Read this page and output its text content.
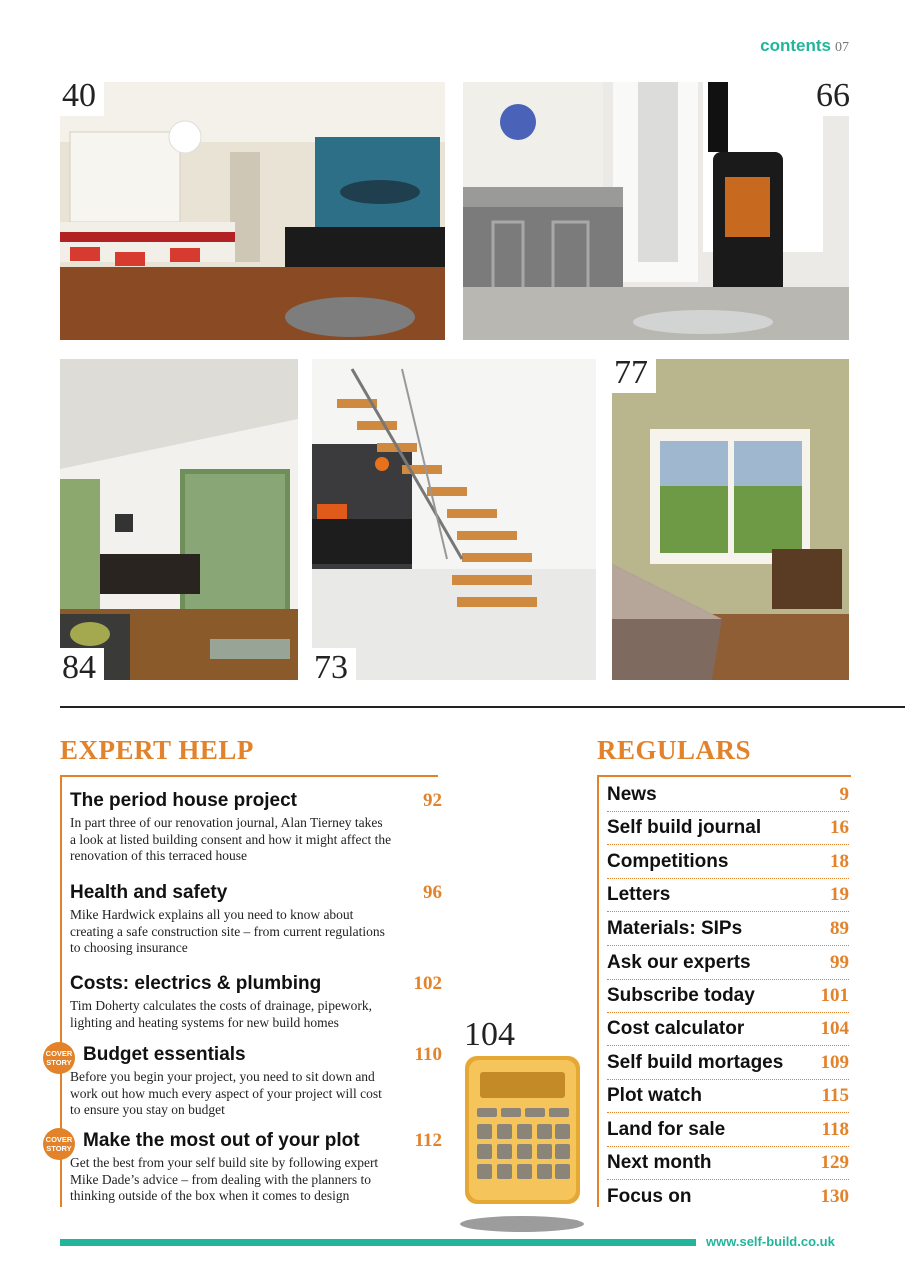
contents 07
40	66
84	73
77
EXPERT HELP
The period house project	92
In part three of our renovation journal, Alan Tierney takes
a look at listed building consent and how it might affect the
renovation of this terraced house
Health and safety	96
Mike Hardwick explains all you need to know about
creating a safe construction site – from current regulations
to choosing insurance
Costs: electrics & plumbing	102
Tim Doherty calculates the costs of drainage, pipework,
lighting and heating systems for new build homes
COVER
STORY Budget essentials	110
Before you begin your project, you need to sit down and
work out how much every aspect of your project will cost
to ensure you stay on budget
COVER
STORY Make the most out of your plot	112
Get the best from your self build site by following expert
Mike Dade’s advice – from dealing with the planners to
thinking outside of the box when it comes to design
104
REGULARS
News	9
Self build journal	16
Competitions	18
Letters	19
Materials: SIPs	89
Ask our experts	99
Subscribe today	101
Cost calculator	104
Self build mortages 109
Plot watch	115
Land for sale	118
Next month	129
Focus on	130
www.self-build.co.uk
